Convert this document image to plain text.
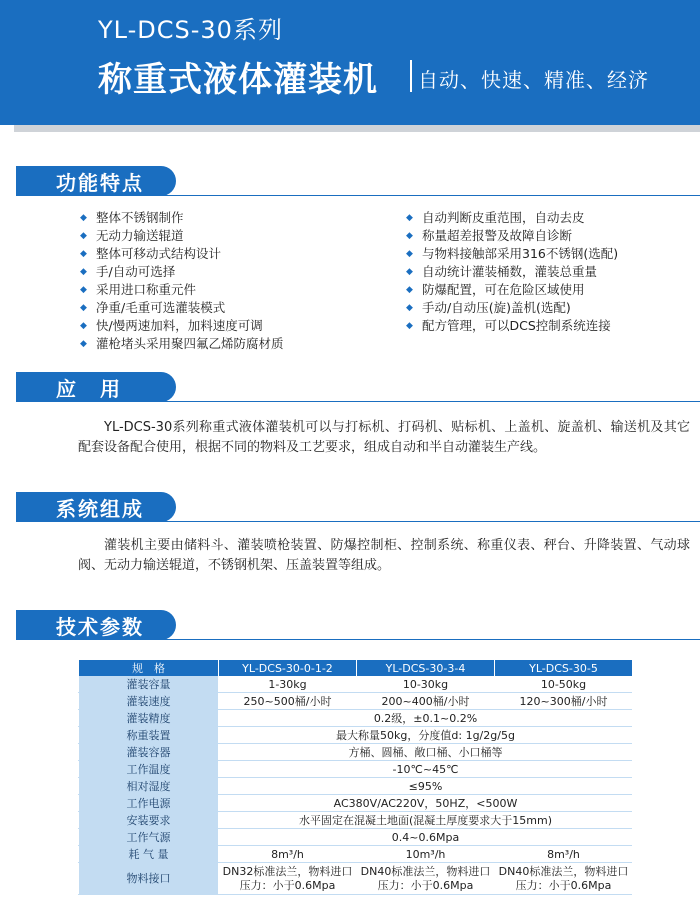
YL-DCS-30系列
称重式液体灌装机 自动、快速、精准、经济
功能特点
◆ 整体不锈钢制作
◆ 无动力输送辊道
◆ 整体可移动式结构设计
◆ 手/自动可选择
◆ 采用进口称重元件
◆ 净重/毛重可选灌装模式
◆ 快/慢两速加料，加料速度可调
◆ 灌枪堵头采用聚四氟乙烯防腐材质
◆ 自动判断皮重范围，自动去皮
◆ 称量超差报警及故障自诊断
◆ 与物料接触部采用316不锈钢(选配)
◆ 自动统计灌装桶数，灌装总重量
◆ 防爆配置，可在危险区域使用
◆ 手动/自动压(旋)盖机(选配)
◆ 配方管理，可以DCS控制系统连接
应　用

YL-DCS-30系列称重式液体灌装机可以与打标机、打码机、贴标机、上盖机、旋盖机、输送机及其它配套设备配合使用，根据不同的物料及工艺要求，组成自动和半自动灌装生产线。

系统组成

灌装机主要由储料斗、灌装喷枪装置、防爆控制柜、控制系统、称重仪表、秤台、升降装置、气动球阀、无动力输送辊道，不锈钢机架、压盖装置等组成。

技术参数
规　格	YL-DCS-30-0-1-2	YL-DCS-30-3-4	YL-DCS-30-5
灌装容量	1-30kg	10-30kg	10-50kg
灌装速度	250~500桶/小时	200~400桶/小时	120~300桶/小时
灌装精度	0.2级，±0.1~0.2%		
称重装置	最大称量50kg，分度值d: 1g/2g/5g		
灌装容器	方桶、圆桶、敞口桶、小口桶等		
工作温度	-10℃~45℃		
相对湿度	≤95%		
工作电源	AC380V/AC220V，50HZ，<500W		
安装要求	水平固定在混凝土地面(混凝土厚度要求大于15mm)		
工作气源	0.4~0.6Mpa		
耗 气 量	8m³/h	10m³/h	8m³/h
物料接口	DN32标准法兰，物料进口压力：小于0.6Mpa	DN40标准法兰，物料进口压力：小于0.6Mpa	DN40标准法兰，物料进口压力：小于0.6Mpa
